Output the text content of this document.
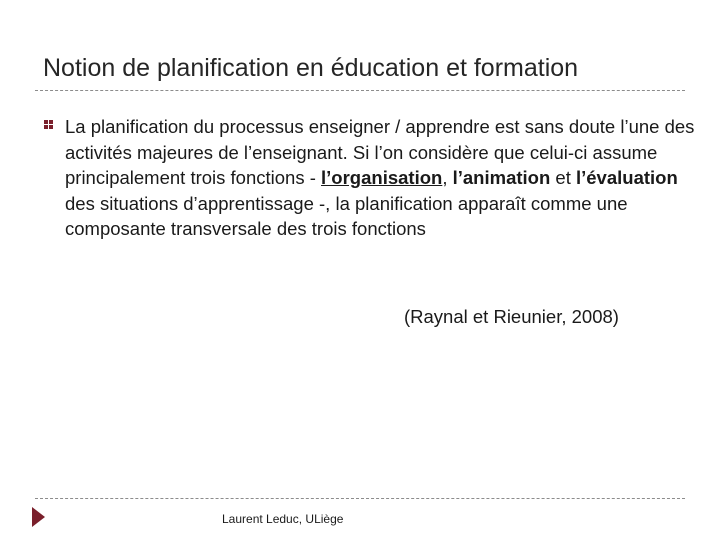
Notion de planification en éducation et formation
La planification du processus enseigner / apprendre est sans doute l’une des activités majeures de l’enseignant. Si l’on considère que celui-ci assume principalement trois fonctions - l’organisation, l’animation et l’évaluation des situations d’apprentissage -, la planification apparaît comme une composante transversale des trois fonctions
(Raynal et Rieunier, 2008)
Laurent Leduc, ULiège
